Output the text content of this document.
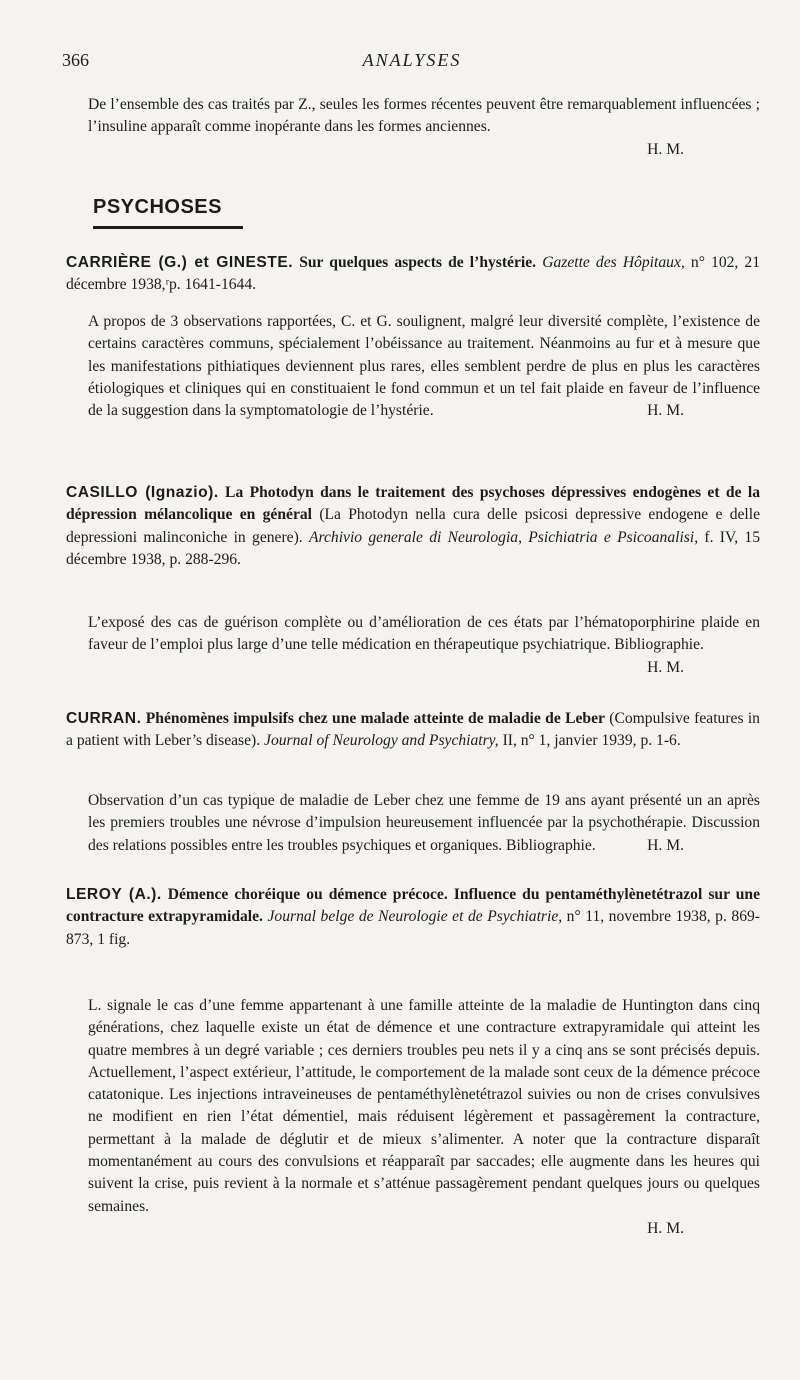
366	ANALYSES

De l’ensemble des cas traités par Z., seules les formes récentes peuvent être remarquablement influencées ; l’insuline apparaît comme inopérante dans les formes anciennes.

H. M.

PSYCHOSES
CARRIÈRE (G.) et GINESTE. Sur quelques aspects de l’hystérie. Gazette des Hôpitaux, n° 102, 21 décembre 1938,ʳp. 1641-1644.
A propos de 3 observations rapportées, C. et G. soulignent, malgré leur diversité complète, l’existence de certains caractères communs, spécialement l’obéissance au traitement. Néanmoins au fur et à mesure que les manifestations pithiatiques deviennent plus rares, elles semblent perdre de plus en plus les caractères étiologiques et cliniques qui en constituaient le fond commun et un tel fait plaide en faveur de l’influence de la suggestion dans la symptomatologie de l’hystérie.	H. M.
CASILLO (Ignazio). La Photodyn dans le traitement des psychoses dépressives endogènes et de la dépression mélancolique en général (La Photodyn nella cura delle psicosi depressive endogene e delle depressioni malinconiche in genere). Archivio generale di Neurologia, Psichiatria e Psicoanalisi, f. IV, 15 décembre 1938, p. 288-296.
L’exposé des cas de guérison complète ou d’amélioration de ces états par l’hématoporphirine plaide en faveur de l’emploi plus large d’une telle médication en thérapeutique psychiatrique. Bibliographie.
H. M.
CURRAN. Phénomènes impulsifs chez une malade atteinte de maladie de Leber (Compulsive features in a patient with Leber’s disease). Journal of Neurology and Psychiatry, II, n° 1, janvier 1939, p. 1-6.
Observation d’un cas typique de maladie de Leber chez une femme de 19 ans ayant présenté un an après les premiers troubles une névrose d’impulsion heureusement influencée par la psychothérapie. Discussion des relations possibles entre les troubles psychiques et organiques. Bibliographie.	H. M.
LEROY (A.). Démence choréique ou démence précoce. Influence du pentaméthylènetétrazol sur une contracture extrapyramidale. Journal belge de Neurologie et de Psychiatrie, n° 11, novembre 1938, p. 869-873, 1 fig.
L. signale le cas d’une femme appartenant à une famille atteinte de la maladie de Huntington dans cinq générations, chez laquelle existe un état de démence et une contracture extrapyramidale qui atteint les quatre membres à un degré variable ; ces derniers troubles peu nets il y a cinq ans se sont précisés depuis. Actuellement, l’aspect extérieur, l’attitude, le comportement de la malade sont ceux de la démence précoce catatonique. Les injections intraveineuses de pentaméthylènetétrazol suivies ou non de crises convulsives ne modifient en rien l’état démentiel, mais réduisent légèrement et passagèrement la contracture, permettant à la malade de déglutir et de mieux s’alimenter. A noter que la contracture disparaît momentanément au cours des convulsions et réapparaît par saccades; elle augmente dans les heures qui suivent la crise, puis revient à la normale et s’atténue passagèrement pendant quelques jours ou quelques semaines.
H. M.
